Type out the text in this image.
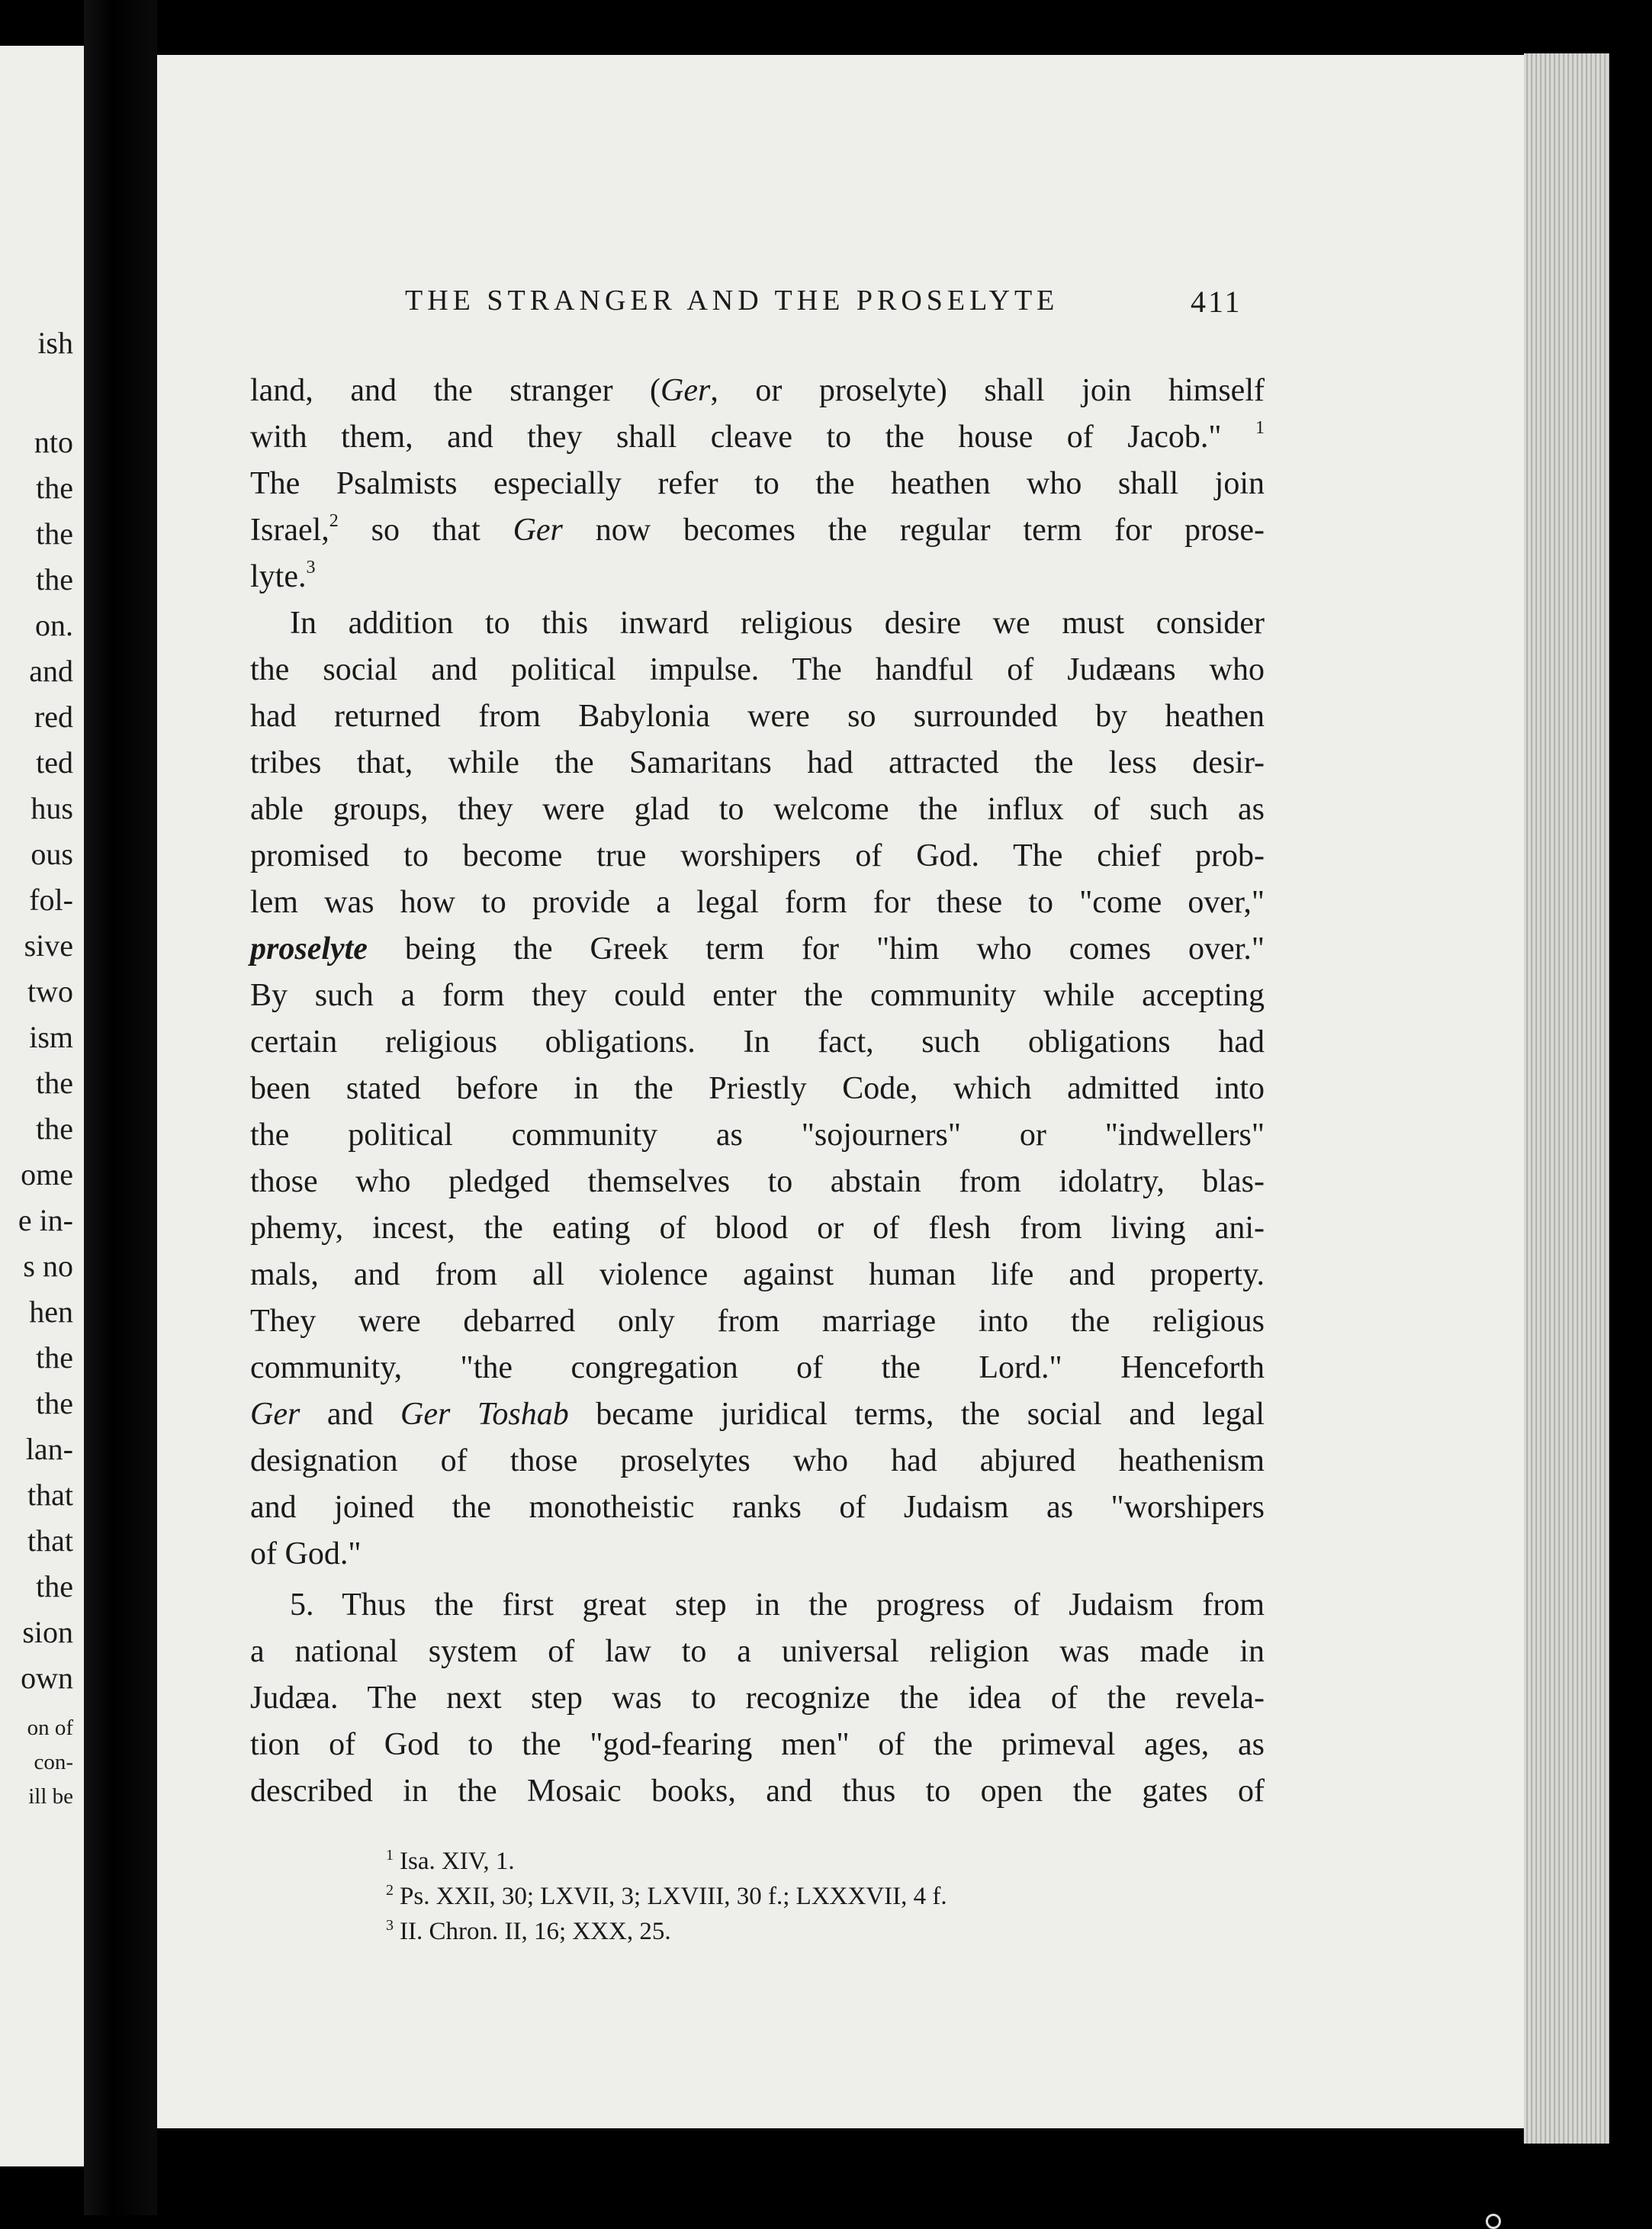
ish
nto
the
the
the
on.
and
red
ted
hus
ous
fol-
sive
two
ism
the
the
ome
e in-
s no
hen
the
the
lan-
that
that
the
sion
own
on of
con-
ill be
THE STRANGER AND THE PROSELYTE	411
land, and the stranger (Ger, or proselyte) shall join himself
with them, and they shall cleave to the house of Jacob." $^1$
The Psalmists especially refer to the heathen who shall join
Israel,$^2$ so that Ger now becomes the regular term for prose-
lyte.$^3$
In addition to this inward religious desire we must consider
the social and political impulse. The handful of Judæans who
had returned from Babylonia were so surrounded by heathen
tribes that, while the Samaritans had attracted the less desir-
able groups, they were glad to welcome the influx of such as
promised to become true worshipers of God. The chief prob-
lem was how to provide a legal form for these to "come over,"
proselyte being the Greek term for "him who comes over."
By such a form they could enter the community while accepting
certain religious obligations. In fact, such obligations had
been stated before in the Priestly Code, which admitted into
the political community as "sojourners" or "indwellers"
those who pledged themselves to abstain from idolatry, blas-
phemy, incest, the eating of blood or of flesh from living ani-
mals, and from all violence against human life and property.
They were debarred only from marriage into the religious
community, "the congregation of the Lord." Henceforth
Ger and Ger Toshab became juridical terms, the social and legal
designation of those proselytes who had abjured heathenism
and joined the monotheistic ranks of Judaism as "worshipers
of God."
5. Thus the first great step in the progress of Judaism from
a national system of law to a universal religion was made in
Judæa. The next step was to recognize the idea of the revela-
tion of God to the "god-fearing men" of the primeval ages, as
described in the Mosaic books, and thus to open the gates of
$^1$ Isa. XIV, 1.
$^2$ Ps. XXII, 30; LXVII, 3; LXVIII, 30 f.; LXXXVII, 4 f.
$^3$ II. Chron. II, 16; XXX, 25.
